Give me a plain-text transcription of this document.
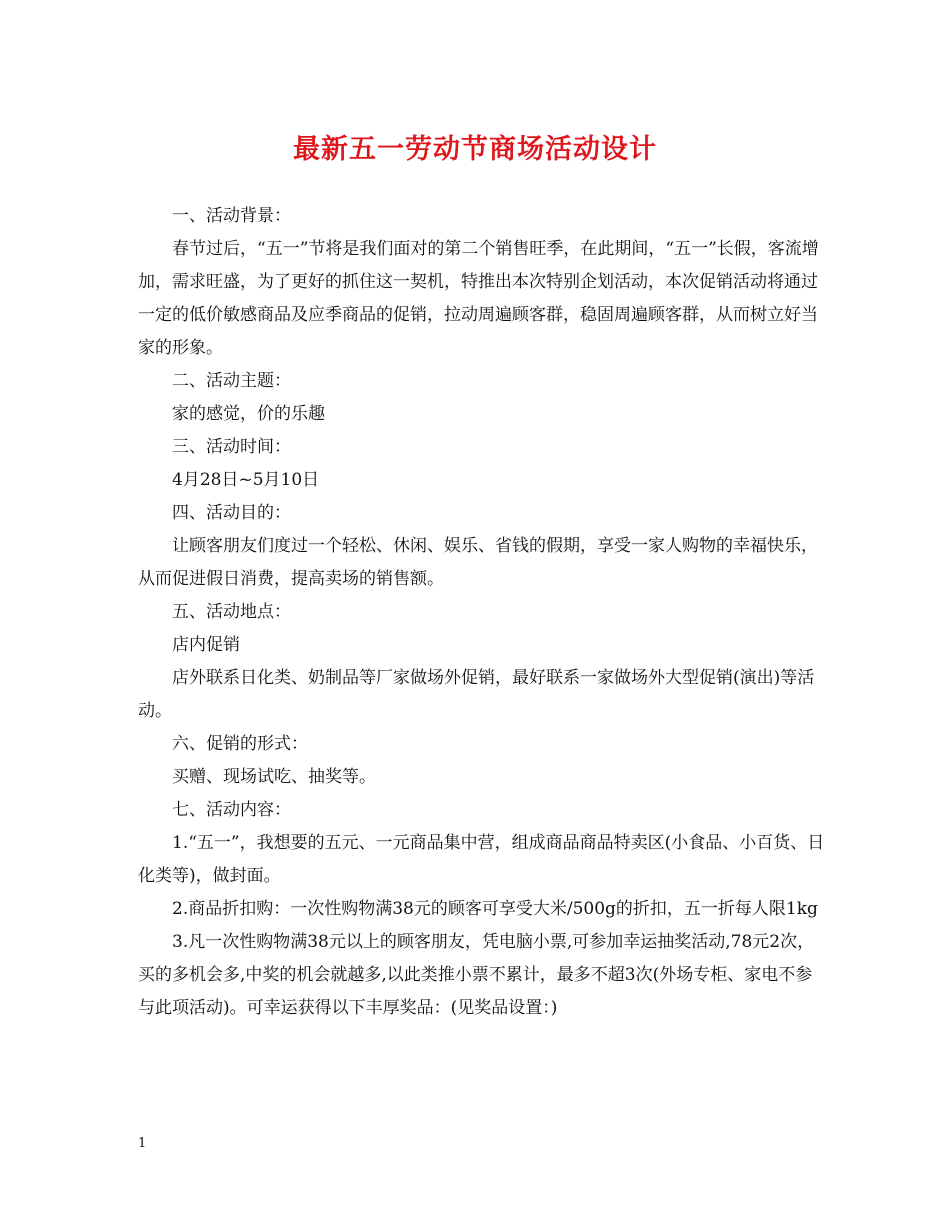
最新五一劳动节商场活动设计

一、活动背景：

春节过后，“五一”节将是我们面对的第二个销售旺季，在此期间，“五一”长假，客流增加，需求旺盛，为了更好的抓住这一契机，特推出本次特别企划活动，本次促销活动将通过一定的低价敏感商品及应季商品的促销，拉动周遍顾客群，稳固周遍顾客群，从而树立好当家的形象。

二、活动主题：

家的感觉，价的乐趣

三、活动时间：

4月28日~5月10日

四、活动目的：

让顾客朋友们度过一个轻松、休闲、娱乐、省钱的假期，享受一家人购物的幸福快乐，从而促进假日消费，提高卖场的销售额。

五、活动地点：

店内促销

店外联系日化类、奶制品等厂家做场外促销，最好联系一家做场外大型促销(演出)等活动。

六、促销的形式：

买赠、现场试吃、抽奖等。

七、活动内容：

1.“五一”，我想要的五元、一元商品集中营，组成商品商品特卖区(小食品、小百货、日化类等)，做封面。

2.商品折扣购：一次性购物满38元的顾客可享受大米/500g的折扣，五一折每人限1kg

3.凡一次性购物满38元以上的顾客朋友，凭电脑小票,可参加幸运抽奖活动,78元2次，买的多机会多,中奖的机会就越多,以此类推小票不累计，最多不超3次(外场专柜、家电不参与此项活动)。可幸运获得以下丰厚奖品：(见奖品设置：)

1
